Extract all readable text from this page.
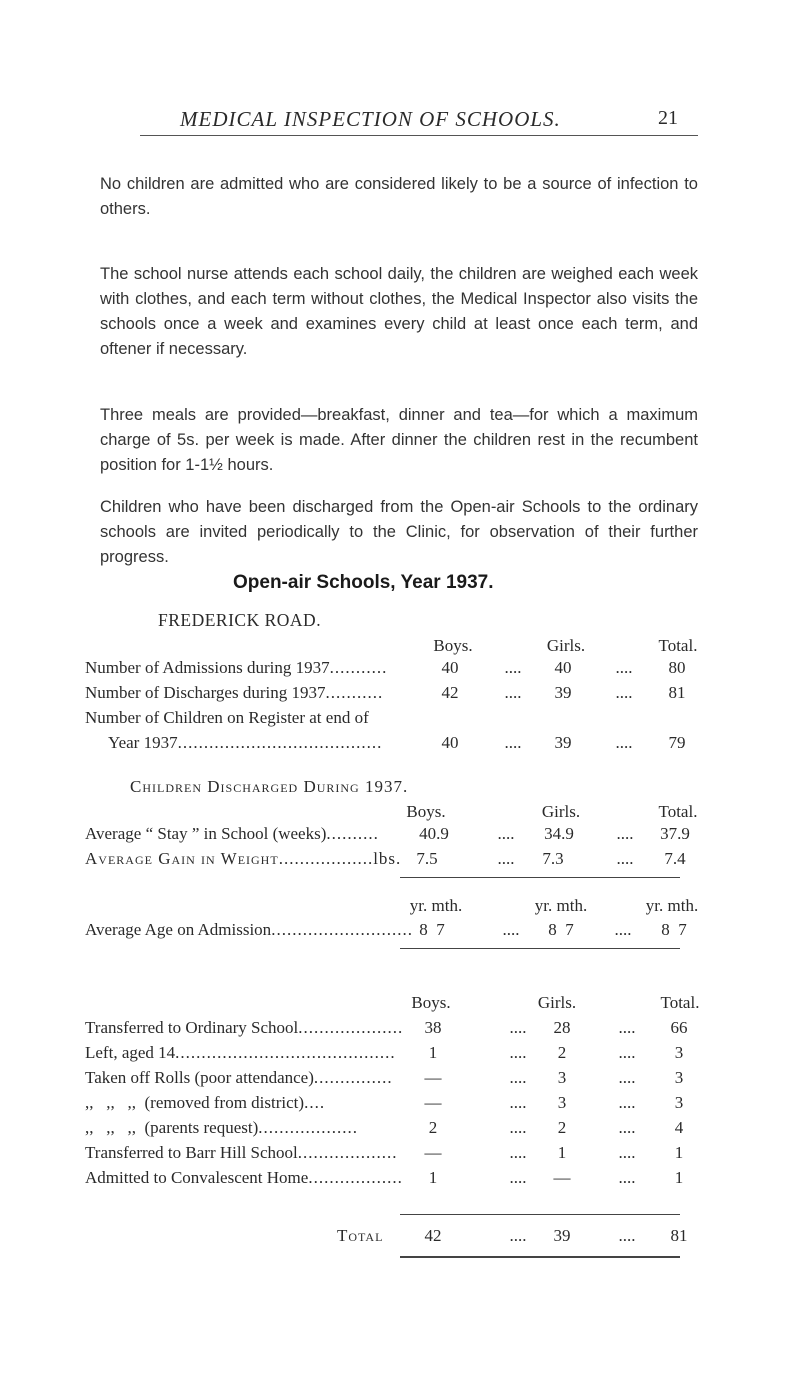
MEDICAL INSPECTION OF SCHOOLS.	21
No children are admitted who are considered likely to be a source of infection to others.
The school nurse attends each school daily, the children are weighed each week with clothes, and each term without clothes, the Medical Inspector also visits the schools once a week and examines every child at least once each term, and oftener if necessary.
Three meals are provided—breakfast, dinner and tea—for which a maximum charge of 5s. per week is made. After dinner the children rest in the recumbent position for 1-1½ hours.
Children who have been discharged from the Open-air Schools to the ordinary schools are invited periodically to the Clinic, for observation of their further progress.
Open-air Schools, Year 1937.
FREDERICK ROAD.
Boys.	Girls.	Total.
Number of Admissions during 1937...........	40	....	40	....	80
Number of Discharges during 1937...........	42	....	39	....	81
Number of Children on Register at end of
Year 1937.......................................	40	....	39	....	79
Children Discharged During 1937.
Boys.	Girls.	Total.
Average “ Stay ” in School (weeks)..........	40.9	....	34.9	....	37.9
Average Gain in Weight..................lbs. 7.5	....	7.3	....	7.4
yr. mth.	yr. mth.	yr. mth.
Average Age on Admission........................... 8  7	....	8  7	....	8  7
Boys.	Girls.	Total.
Transferred to Ordinary School....................	38	....	28	....	66
Left, aged 14..........................................	1	....	2	....	3
Taken off Rolls (poor attendance)...............	—	....	3	....	3
,,   ,,   ,,  (removed from district)....	—	....	3	....	3
,,   ,,   ,,  (parents request)...................	2	....	2	....	4
Transferred to Barr Hill School...................	—	....	1	....	1
Admitted to Convalescent Home..................	1	....	—	....	1
Total	42	....	39	....	81
